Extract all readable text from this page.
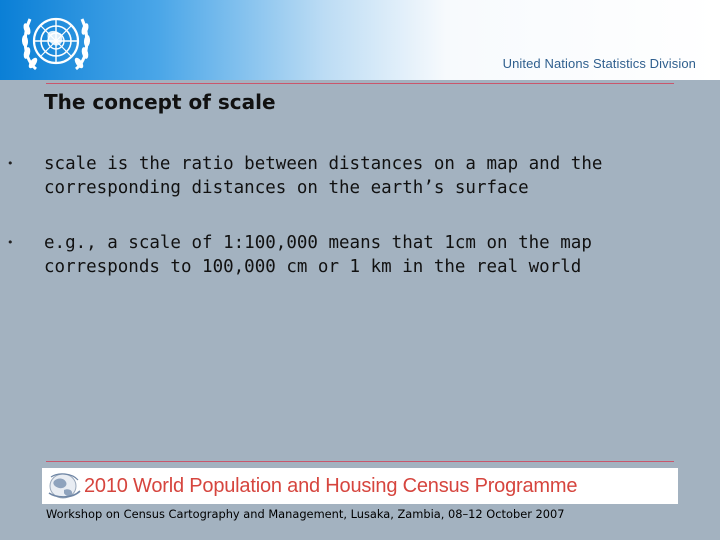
United Nations Statistics Division
The concept of scale
• scale is the ratio between distances on a map and the corresponding distances on the earth’s surface
• e.g., a scale of 1:100,000 means that 1cm on the map corresponds to 100,000 cm or 1 km in the real world
2010 World Population and Housing Census Programme
Workshop on Census Cartography and Management, Lusaka, Zambia, 08–12 October 2007
